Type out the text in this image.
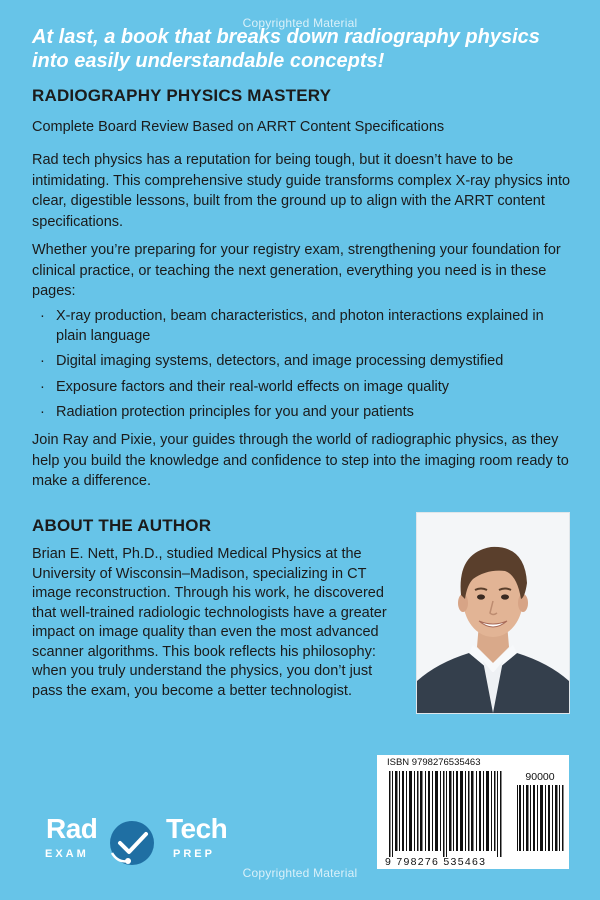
Copyrighted Material

At last, a book that breaks down radiography physics into easily understandable concepts!

RADIOGRAPHY PHYSICS MASTERY

Complete Board Review Based on ARRT Content Specifications

Rad tech physics has a reputation for being tough, but it doesn’t have to be intimidating. This comprehensive study guide transforms complex X-ray physics into clear, digestible lessons, built from the ground up to align with the ARRT content specifications.

Whether you’re preparing for your registry exam, strengthening your foundation for clinical practice, or teaching the next generation, everything you need is in these pages:

· X-ray production, beam characteristics, and photon interactions explained in plain language
· Digital imaging systems, detectors, and image processing demystified
· Exposure factors and their real-world effects on image quality
· Radiation protection principles for you and your patients

Join Ray and Pixie, your guides through the world of radiographic physics, as they help you build the knowledge and confidence to step into the imaging room ready to make a difference.

ABOUT THE AUTHOR

Brian E. Nett, Ph.D., studied Medical Physics at the University of Wisconsin–Madison, specializing in CT image reconstruction. Through his work, he discovered that well-trained radiologic technologists have a greater impact on image quality than even the most advanced scanner algorithms. This book reflects his philosophy: when you truly understand the physics, you don’t just pass the exam, you become a better technologist.

ISBN 9798276535463
90000
9 798276 535463
Rad Tech
EXAM	PREP
Copyrighted Material
